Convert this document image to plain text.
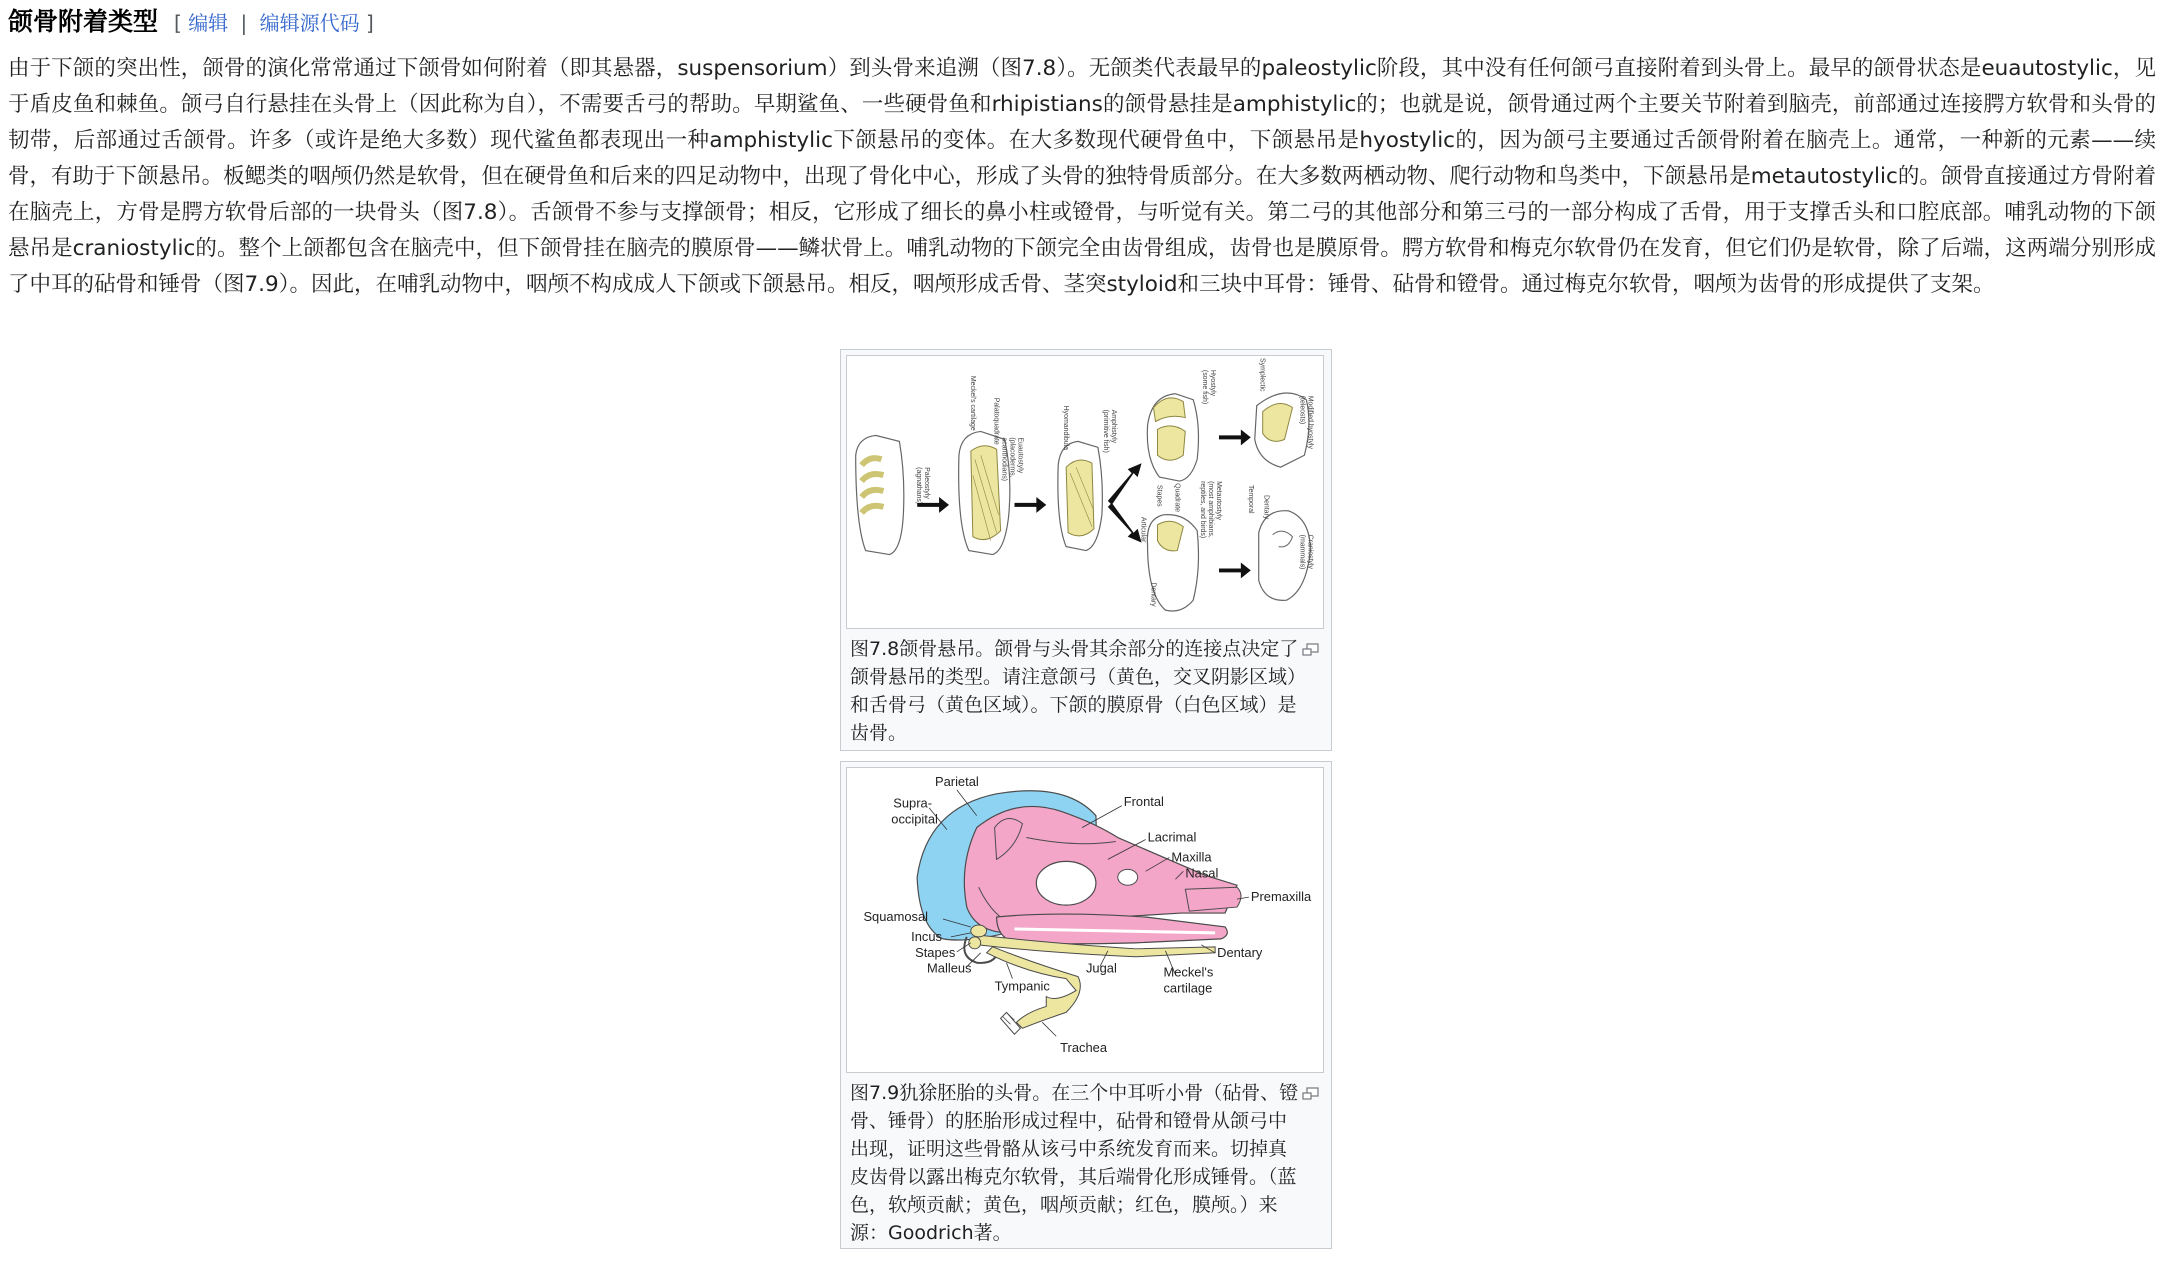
颌骨附着类型 [ 编辑 | 编辑源代码 ]

由于下颌的突出性，颌骨的演化常常通过下颌骨如何附着（即其悬器，suspensorium）到头骨来追溯（图7.8）。无颌类代表最早的paleostylic阶段，其中没有任何颌弓直接附着到头骨上。最早的颌骨状态是euautostylic，见于盾皮鱼和棘鱼。颌弓自行悬挂在头骨上（因此称为自），不需要舌弓的帮助。早期鲨鱼、一些硬骨鱼和rhipistians的颌骨悬挂是amphistylic的；也就是说，颌骨通过两个主要关节附着到脑壳，前部通过连接腭方软骨和头骨的韧带，后部通过舌颌骨。许多（或许是绝大多数）现代鲨鱼都表现出一种amphistylic下颌悬吊的变体。在大多数现代硬骨鱼中，下颌悬吊是hyostylic的，因为颌弓主要通过舌颌骨附着在脑壳上。通常，一种新的元素——续骨，有助于下颌悬吊。板鳃类的咽颅仍然是软骨，但在硬骨鱼和后来的四足动物中，出现了骨化中心，形成了头骨的独特骨质部分。在大多数两栖动物、爬行动物和鸟类中，下颌悬吊是metautostylic的。颌骨直接通过方骨附着在脑壳上，方骨是腭方软骨后部的一块骨头（图7.8）。舌颌骨不参与支撑颌骨；相反，它形成了细长的鼻小柱或镫骨，与听觉有关。第二弓的其他部分和第三弓的一部分构成了舌骨，用于支撑舌头和口腔底部。哺乳动物的下颌悬吊是craniostylic的。整个上颌都包含在脑壳中，但下颌骨挂在脑壳的膜原骨——鳞状骨上。哺乳动物的下颌完全由齿骨组成，齿骨也是膜原骨。腭方软骨和梅克尔软骨仍在发育，但它们仍是软骨，除了后端，这两端分别形成了中耳的砧骨和锤骨（图7.9）。因此，在哺乳动物中，咽颅不构成成人下颌或下颌悬吊。相反，咽颅形成舌骨、茎突styloid和三块中耳骨：锤骨、砧骨和镫骨。通过梅克尔软骨，咽颅为齿骨的形成提供了支架。

Paleostyly
(agnathans)
Meckel's cartilage Palatoquadrate
Euautostyly
(placoderms,
acanthodians)
Hyomandibula	Amphistyly
(primitive fish)
Hyostyly
(some fish)	Symplectic
Modified hyostyly
(teleosts)
Articular
Stapes Quadrate
Dentary
Metautostyly
(most amphibians,
reptiles, and birds)	Temporal Dentary
Craniostyly
(mammals)
图7.8颌骨悬吊。颌骨与头骨其余部分的连接点决定了颌骨悬吊的类型。请注意颌弓（黄色，交叉阴影区域）和舌骨弓（黄色区域）。下颌的膜原骨（白色区域）是齿骨。
Parietal
Supra-
occipital
Frontal
Lacrimal
Maxilla
Nasal
Premaxilla
Squamosal
Incus
Stapes
Malleus
Tympanic
Jugal	Meckel's
cartilage
Dentary
Trachea
图7.9犰狳胚胎的头骨。在三个中耳听小骨（砧骨、镫骨、锤骨）的胚胎形成过程中，砧骨和镫骨从颌弓中出现，证明这些骨骼从该弓中系统发育而来。切掉真皮齿骨以露出梅克尔软骨，其后端骨化形成锤骨。（蓝色，软颅贡献；黄色，咽颅贡献；红色，膜颅。）来源：Goodrich著。
